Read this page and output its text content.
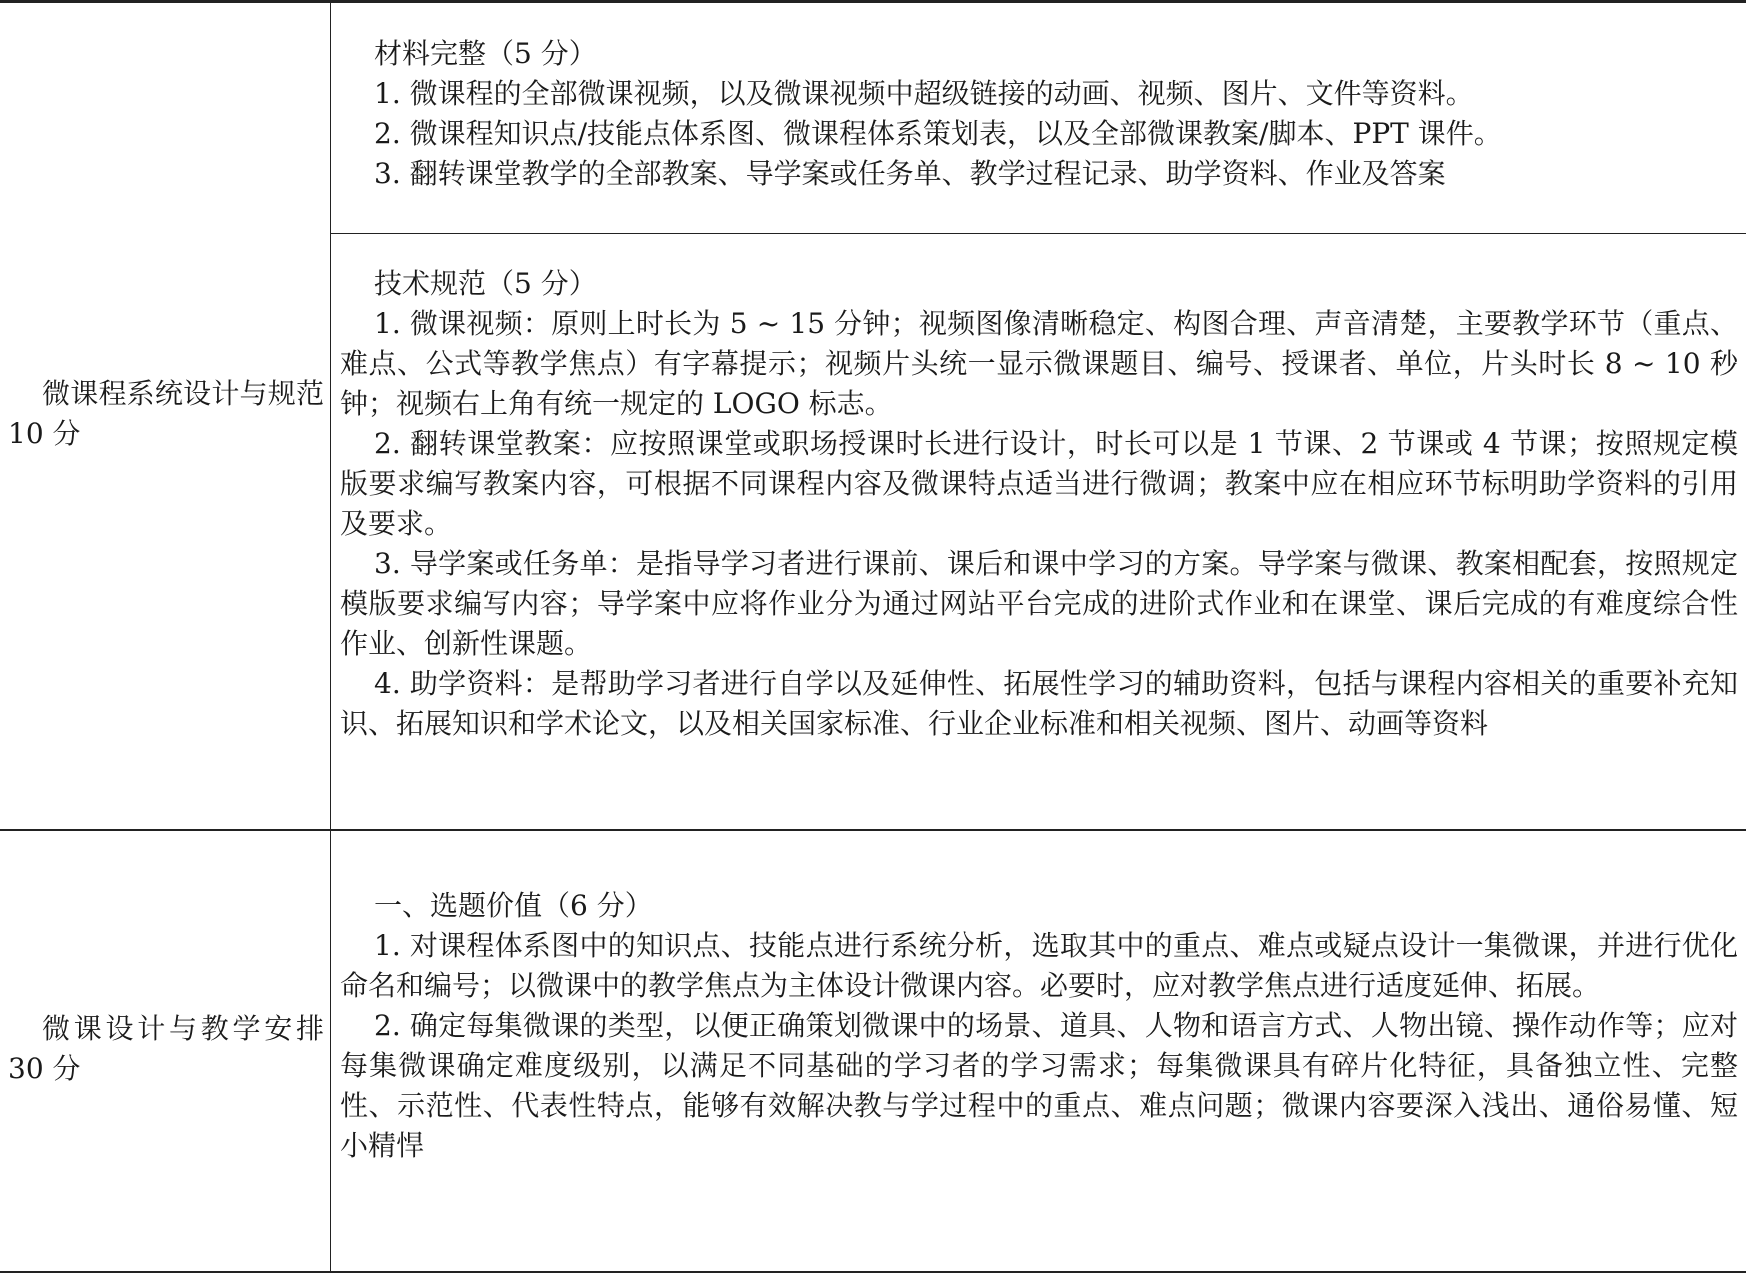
微课程系统设计与规范 10 分

材料完整（5 分）

1. 微课程的全部微课视频，以及微课视频中超级链接的动画、视频、图片、文件等资料。

2. 微课程知识点/技能点体系图、微课程体系策划表，以及全部微课教案/脚本、PPT 课件。

3. 翻转课堂教学的全部教案、导学案或任务单、教学过程记录、助学资料、作业及答案

技术规范（5 分）

1. 微课视频：原则上时长为 5 ~ 15 分钟；视频图像清晰稳定、构图合理、声音清楚，主要教学环节（重点、难点、公式等教学焦点）有字幕提示；视频片头统一显示微课题目、编号、授课者、单位，片头时长 8 ~ 10 秒钟；视频右上角有统一规定的 LOGO 标志。

2. 翻转课堂教案：应按照课堂或职场授课时长进行设计，时长可以是 1 节课、2 节课或 4 节课；按照规定模版要求编写教案内容，可根据不同课程内容及微课特点适当进行微调；教案中应在相应环节标明助学资料的引用及要求。

3. 导学案或任务单：是指导学习者进行课前、课后和课中学习的方案。导学案与微课、教案相配套，按照规定模版要求编写内容；导学案中应将作业分为通过网站平台完成的进阶式作业和在课堂、课后完成的有难度综合性作业、创新性课题。

4. 助学资料：是帮助学习者进行自学以及延伸性、拓展性学习的辅助资料，包括与课程内容相关的重要补充知识、拓展知识和学术论文，以及相关国家标准、行业企业标准和相关视频、图片、动画等资料

微课设计与教学安排 30 分

一、选题价值（6 分）

1. 对课程体系图中的知识点、技能点进行系统分析，选取其中的重点、难点或疑点设计一集微课，并进行优化命名和编号；以微课中的教学焦点为主体设计微课内容。必要时，应对教学焦点进行适度延伸、拓展。

2. 确定每集微课的类型，以便正确策划微课中的场景、道具、人物和语言方式、人物出镜、操作动作等；应对每集微课确定难度级别，以满足不同基础的学习者的学习需求；每集微课具有碎片化特征，具备独立性、完整性、示范性、代表性特点，能够有效解决教与学过程中的重点、难点问题；微课内容要深入浅出、通俗易懂、短小精悍
